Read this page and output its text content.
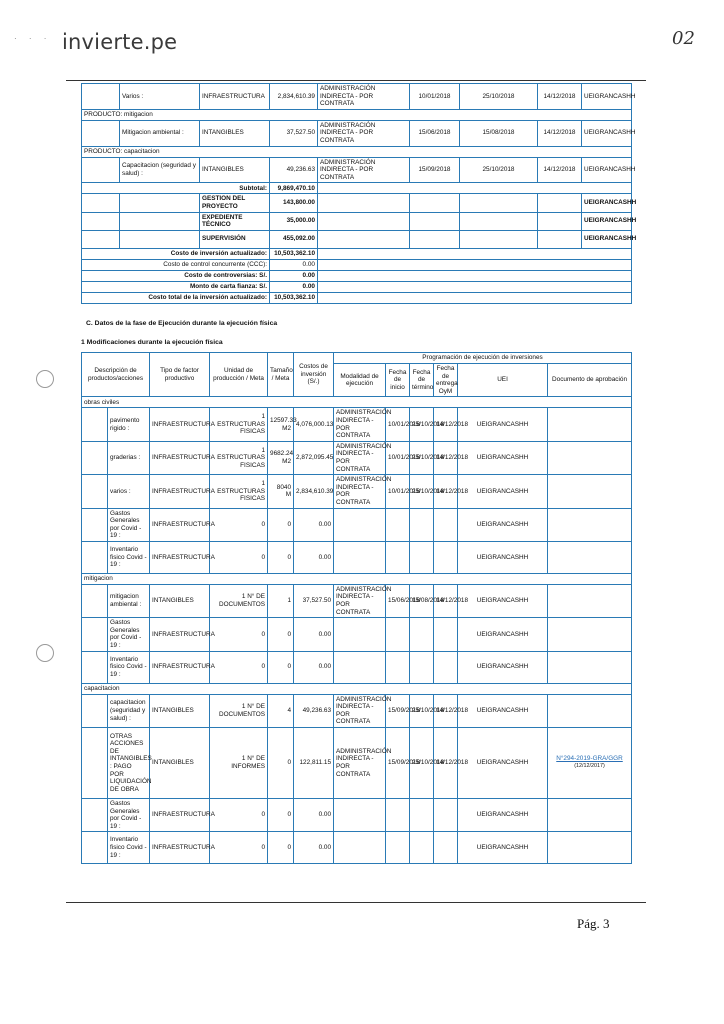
· · · invierte.pe	02
	Varios :	INFRAESTRUCTURA	2,834,610.39	ADMINISTRACIÓN INDIRECTA - POR CONTRATA	10/01/2018	25/10/2018	14/12/2018	UEIGRANCASHH
PRODUCTO: mitigacion								
	Mitigacion ambiental :	INTANGIBLES	37,527.50	ADMINISTRACIÓN INDIRECTA - POR CONTRATA	15/06/2018	15/08/2018	14/12/2018	UEIGRANCASHH
PRODUCTO: capacitacion								
	Capacitacion (seguridad y salud) :	INTANGIBLES	49,236.63	ADMINISTRACIÓN INDIRECTA - POR CONTRATA	15/09/2018	25/10/2018	14/12/2018	UEIGRANCASHH
Subtotal:			9,869,470.10					
		GESTION DEL PROYECTO	143,800.00					UEIGRANCASHH
		EXPEDIENTE TÉCNICO	35,000.00					UEIGRANCASHH
		SUPERVISIÓN	455,092.00					UEIGRANCASHH
Costo de inversión actualizado:			10,503,362.10					
Costo de control concurrente (CCC):			0.00					
Costo de controversias: S/.			0.00					
Monto de carta fianza: S/.			0.00					
Costo total de la inversión actualizado:			10,503,362.10					
C. Datos de la fase de Ejecución durante la ejecución física
1 Modificaciones durante la ejecución física
Descripción de productos/acciones		Tipo de factor productivo	Unidad de producción / Meta	Tamaño / Meta	Costos de inversión (S/.)	Programación de ejecución de inversiones					
						Modalidad de ejecución	Fecha de inicio	Fecha de término	Fecha de entrega OyM	UEI	Documento de aprobación
obras civiles											
	pavimento rigido :	INFRAESTRUCTURA	1 ESTRUCTURAS FISICAS	12597.33 M2	4,076,000.13	ADMINISTRACIÓN INDIRECTA - POR CONTRATA	10/01/2018	25/10/2018	14/12/2018	UEIGRANCASHH	
	graderias :	INFRAESTRUCTURA	1 ESTRUCTURAS FISICAS	9682.24 M2	2,872,095.45	ADMINISTRACIÓN INDIRECTA - POR CONTRATA	10/01/2018	25/10/2018	14/12/2018	UEIGRANCASHH	
	varios :	INFRAESTRUCTURA	1 ESTRUCTURAS FISICAS	8040 M	2,834,610.39	ADMINISTRACIÓN INDIRECTA - POR CONTRATA	10/01/2018	25/10/2018	14/12/2018	UEIGRANCASHH	
	Gastos Generales por Covid - 19 :	INFRAESTRUCTURA	0	0	0.00					UEIGRANCASHH	
	Inventario fisico Covid - 19 :	INFRAESTRUCTURA	0	0	0.00					UEIGRANCASHH	
mitigacion											
	mitigacion ambiental :	INTANGIBLES	1 N° DE DOCUMENTOS	1	37,527.50	ADMINISTRACIÓN INDIRECTA - POR CONTRATA	15/06/2018	15/08/2018	14/12/2018	UEIGRANCASHH	
	Gastos Generales por Covid - 19 :	INFRAESTRUCTURA	0	0	0.00					UEIGRANCASHH	
	Inventario fisico Covid - 19 :	INFRAESTRUCTURA	0	0	0.00					UEIGRANCASHH	
capacitacion											
	capacitacion (seguridad y salud) :	INTANGIBLES	1 N° DE DOCUMENTOS	4	49,236.63	ADMINISTRACIÓN INDIRECTA - POR CONTRATA	15/09/2018	25/10/2018	14/12/2018	UEIGRANCASHH	
	OTRAS ACCIONES DE INTANGIBLES : PAGO POR LIQUIDACIÓN DE OBRA	INTANGIBLES	1 N° DE INFORMES	0	122,811.15	ADMINISTRACIÓN INDIRECTA - POR CONTRATA	15/09/2018	25/10/2018	14/12/2018	UEIGRANCASHH	N°294-2019-GRA/GGR
(12/12/2017)

	Gastos Generales por Covid - 19 :	INFRAESTRUCTURA	0	0	0.00					UEIGRANCASHH	
	Inventario fisico Covid - 19 :	INFRAESTRUCTURA	0	0	0.00					UEIGRANCASHH	
Pág. 3
